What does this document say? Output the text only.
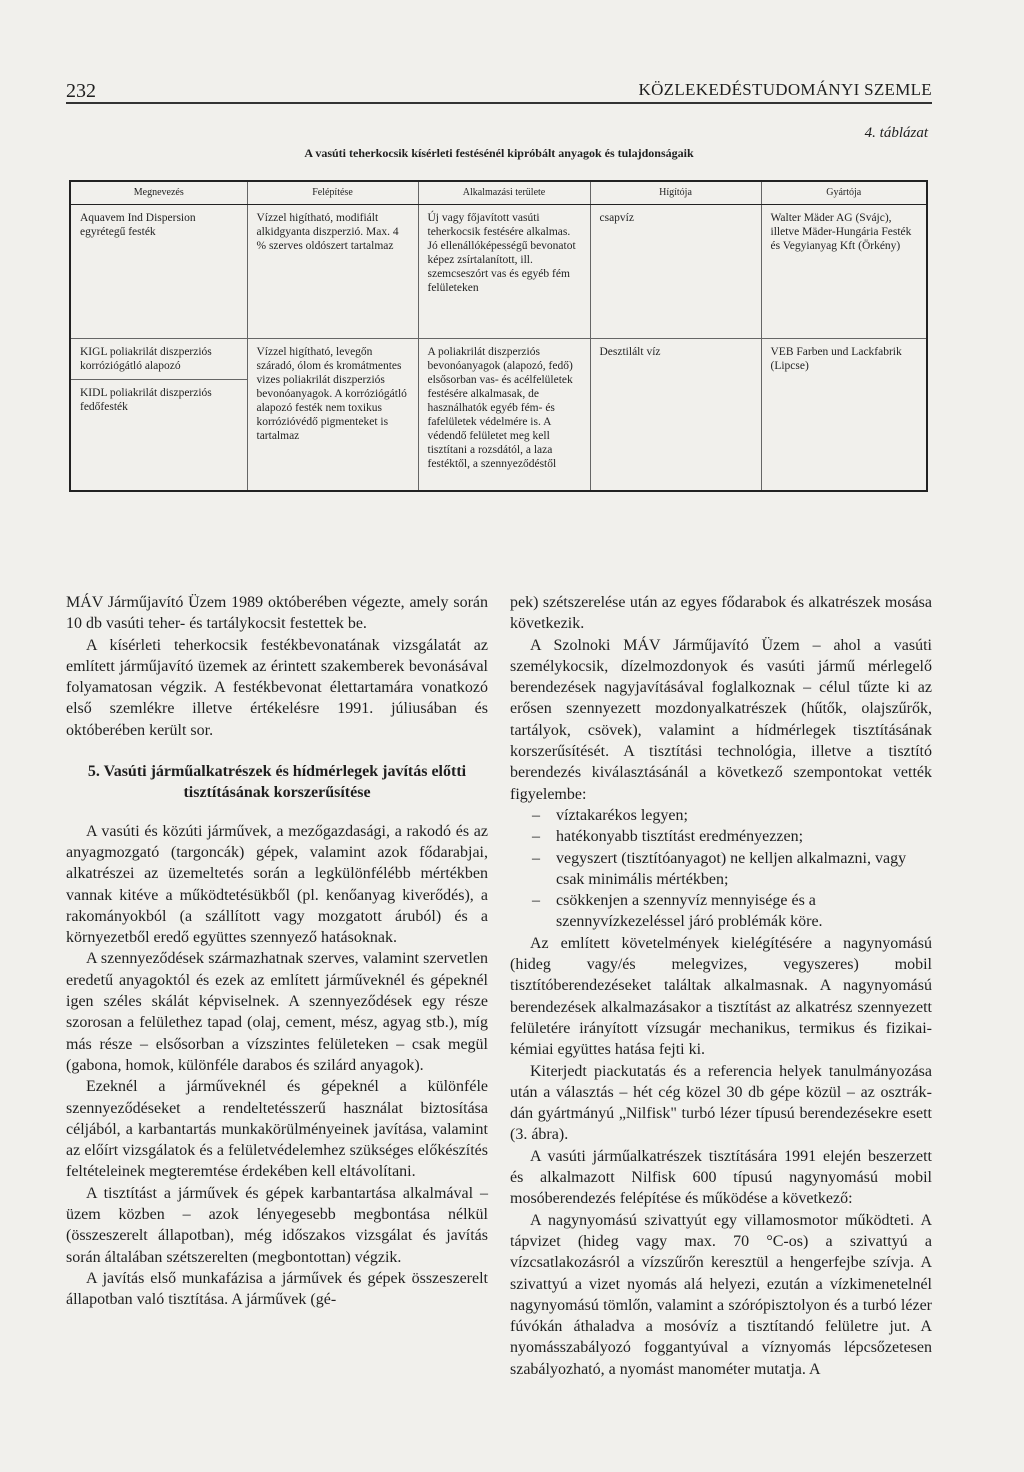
232	KÖZLEKEDÉSTUDOMÁNYI SZEMLE
4. táblázat
A vasúti teherkocsik kísérleti festésénél kipróbált anyagok és tulajdonságaik
Megnevezés	Felépítése	Alkalmazási területe	Hígítója	Gyártója
Aquavem Ind Dispersion egyrétegű festék	Vízzel higítható, modifiált alkidgyanta diszperzió. Max. 4 % szerves oldószert tartalmaz	Új vagy főjavított vasúti teherkocsik festésére alkalmas. Jó ellenállóképességű bevonatot képez zsírtalanított, ill. szemcseszórt vas és egyéb fém felületeken	csapvíz	Walter Mäder AG (Svájc), illetve Mäder-Hungária Festék és Vegyianyag Kft (Örkény)

KIGL poliakrilát diszperziós korróziógátló alapozó
KIDL poliakrilát diszperziós fedőfesték	Vízzel higítható, levegőn száradó, ólom és kromátmentes vizes poliakrilát diszperziós bevonóanyagok. A korróziógátló alapozó festék nem toxikus korrózióvédő pigmenteket is tartalmaz	A poliakrilát diszperziós bevonóanyagok (alapozó, fedő) elsősorban vas- és acélfelületek festésére alkalmasak, de használhatók egyéb fém- és fafelületek védelmére is. A védendő felületet meg kell tisztítani a rozsdától, a laza festéktől, a szennyeződéstől	Desztilált víz	VEB Farben und Lackfabrik (Lipcse)

MÁV Járműjavító Üzem 1989 októberében végezte, amely során 10 db vasúti teher- és tartálykocsit festettek be.

A kísérleti teherkocsik festékbevonatának vizsgálatát az említett járműjavító üzemek az érintett szakemberek bevonásával folyamatosan végzik. A festékbevonat élettartamára vonatkozó első szemlékre illetve értékelésre 1991. júliusában és októberében került sor.

5. Vasúti járműalkatrészek és hídmérlegek javítás előtti tisztításának korszerűsítése

A vasúti és közúti járművek, a mezőgazdasági, a rakodó és az anyagmozgató (targoncák) gépek, valamint azok fődarabjai, alkatrészei az üzemeltetés során a legkülönfélébb mértékben vannak kitéve a működtetésükből (pl. kenőanyag kiverődés), a rakományokból (a szállított vagy mozgatott áruból) és a környezetből eredő együttes szennyező hatásoknak.

A szennyeződések származhatnak szerves, valamint szervetlen eredetű anyagoktól és ezek az említett járműveknél és gépeknél igen széles skálát képviselnek. A szennyeződések egy része szorosan a felülethez tapad (olaj, cement, mész, agyag stb.), míg más része – elsősorban a vízszintes felületeken – csak megül (gabona, homok, különféle darabos és szilárd anyagok).

Ezeknél a járműveknél és gépeknél a különféle szennyeződéseket a rendeltetésszerű használat biztosítása céljából, a karbantartás munkakörülményeinek javítása, valamint az előírt vizsgálatok és a felületvédelemhez szükséges előkészítés feltételeinek megteremtése érdekében kell eltávolítani.

A tisztítást a járművek és gépek karbantartása alkalmával – üzem közben – azok lényegesebb megbontása nélkül (összeszerelt állapotban), még időszakos vizsgálat és javítás során általában szétszerelten (megbontottan) végzik.

A javítás első munkafázisa a járművek és gépek összeszerelt állapotban való tisztítása. A járművek (gé-

pek) szétszerelése után az egyes fődarabok és alkatrészek mosása következik.

A Szolnoki MÁV Járműjavító Üzem – ahol a vasúti személykocsik, dízelmozdonyok és vasúti jármű mérlegelő berendezések nagyjavításával foglalkoznak – célul tűzte ki az erősen szennyezett mozdonyalkatrészek (hűtők, olajszűrők, tartályok, csövek), valamint a hídmérlegek tisztításának korszerűsítését. A tisztítási technológia, illetve a tisztító berendezés kiválasztásánál a következő szempontokat vették figyelembe:

–	víztakarékos legyen;
–	hatékonyabb tisztítást eredményezzen;
–	vegyszert (tisztítóanyagot) ne kelljen alkalmazni, vagy csak minimális mértékben;
–	csökkenjen a szennyvíz mennyisége és a szennyvízkezeléssel járó problémák köre.

Az említett követelmények kielégítésére a nagynyomású (hideg vagy/és melegvizes, vegyszeres) mobil tisztítóberendezéseket találtak alkalmasnak. A nagynyomású berendezések alkalmazásakor a tisztítást az alkatrész szennyezett felületére irányított vízsugár mechanikus, termikus és fizikai-kémiai együttes hatása fejti ki.

Kiterjedt piackutatás és a referencia helyek tanulmányozása után a választás – hét cég közel 30 db gépe közül – az osztrák-dán gyártmányú „Nilfisk" turbó lézer típusú berendezésekre esett (3. ábra).

A vasúti járműalkatrészek tisztítására 1991 elején beszerzett és alkalmazott Nilfisk 600 típusú nagynyomású mobil mosóberendezés felépítése és működése a következő:

A nagynyomású szivattyút egy villamosmotor működteti. A tápvizet (hideg vagy max. 70 °C-os) a szivattyú a vízcsatlakozásról a vízszűrőn keresztül a hengerfejbe szívja. A szivattyú a vizet nyomás alá helyezi, ezután a vízkimenetelnél nagynyomású tömlőn, valamint a szórópisztolyon és a turbó lézer fúvókán áthaladva a mosóvíz a tisztítandó felületre jut. A nyomásszabályozó foggantyúval a víznyomás lépcsőzetesen szabályozható, a nyomást manométer mutatja. A
